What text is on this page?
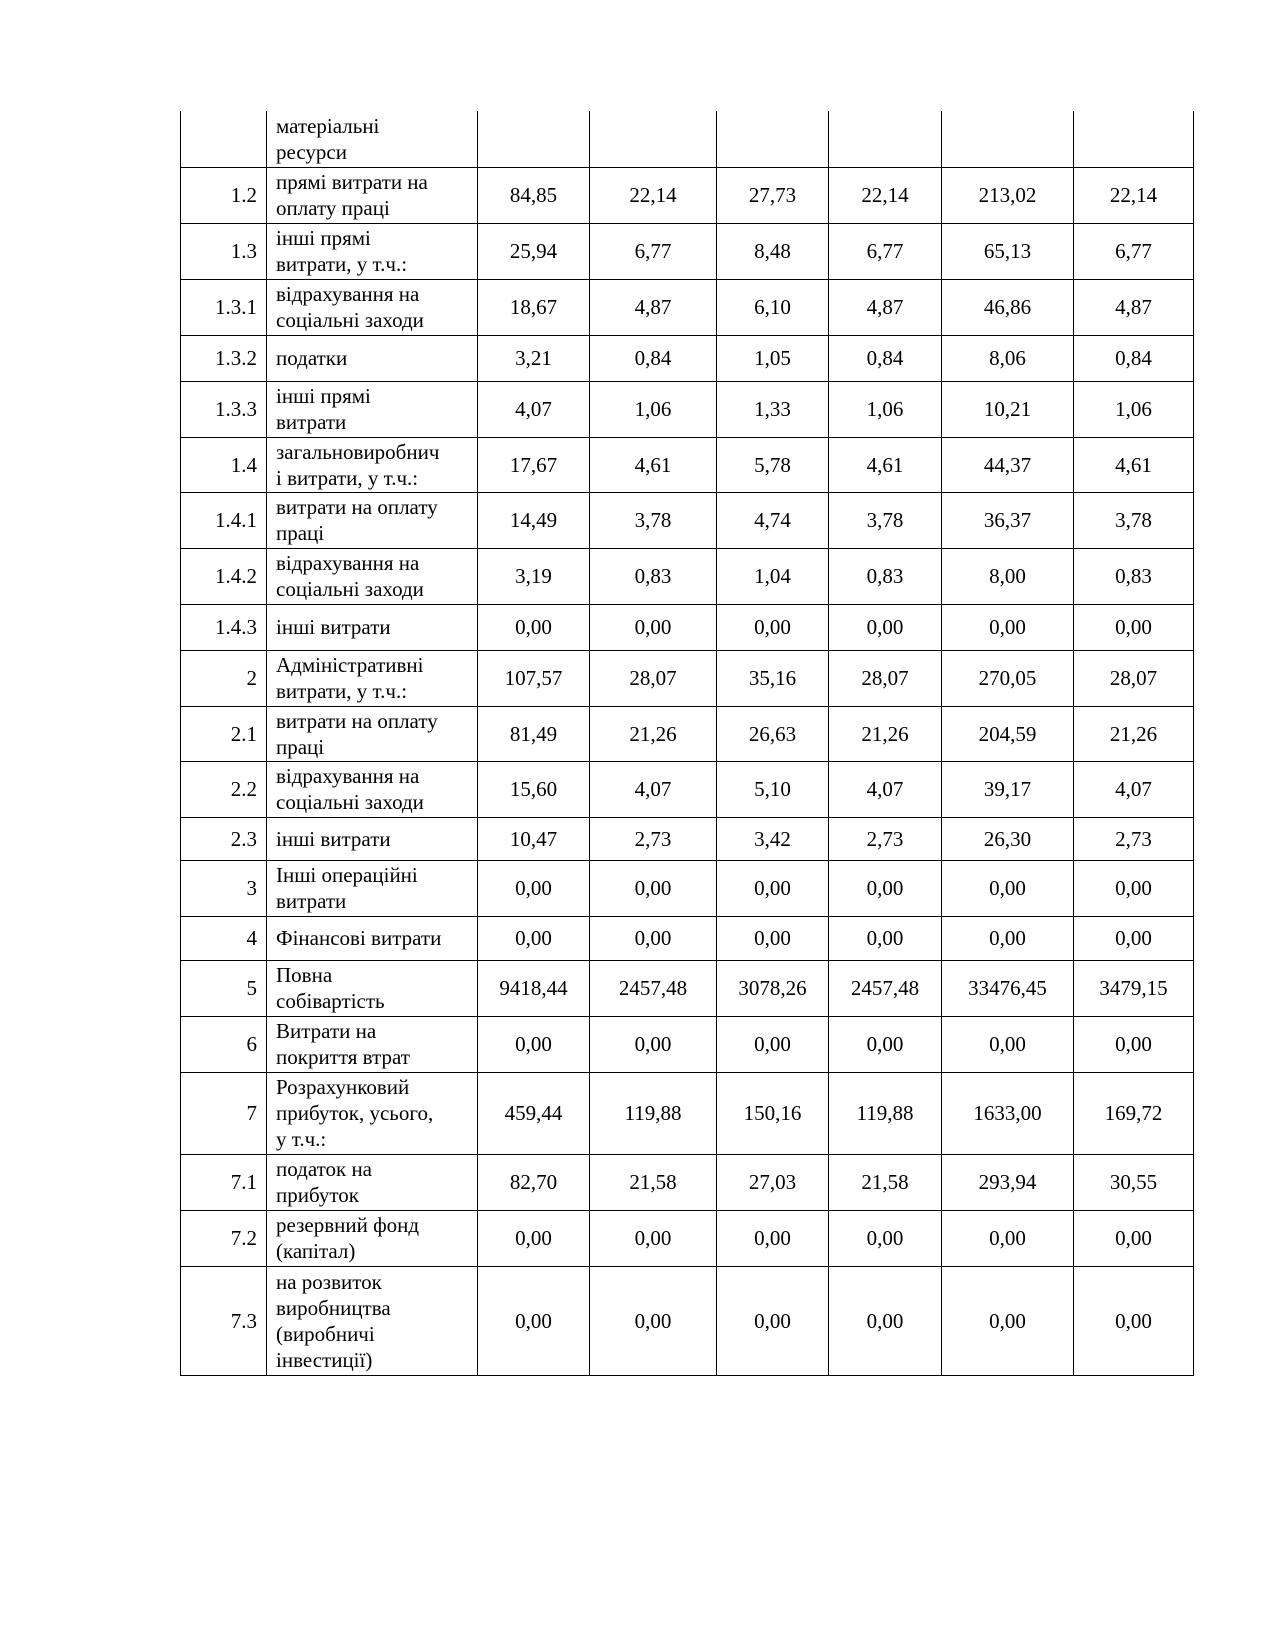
	матеріальні
ресурси						
1.2	прямі витрати на
оплату праці	84,85	22,14	27,73	22,14	213,02	22,14
1.3	інші прямі
витрати, у т.ч.:	25,94	6,77	8,48	6,77	65,13	6,77
1.3.1	відрахування на
соціальні заходи	18,67	4,87	6,10	4,87	46,86	4,87
1.3.2	податки	3,21	0,84	1,05	0,84	8,06	0,84
1.3.3	інші прямі
витрати	4,07	1,06	1,33	1,06	10,21	1,06
1.4	загальновиробнич
і витрати, у т.ч.:	17,67	4,61	5,78	4,61	44,37	4,61
1.4.1	витрати на оплату
праці	14,49	3,78	4,74	3,78	36,37	3,78
1.4.2	відрахування на
соціальні заходи	3,19	0,83	1,04	0,83	8,00	0,83
1.4.3	інші витрати	0,00	0,00	0,00	0,00	0,00	0,00
2	Адміністративні
витрати, у т.ч.:	107,57	28,07	35,16	28,07	270,05	28,07
2.1	витрати на оплату
праці	81,49	21,26	26,63	21,26	204,59	21,26
2.2	відрахування на
соціальні заходи	15,60	4,07	5,10	4,07	39,17	4,07
2.3	інші витрати	10,47	2,73	3,42	2,73	26,30	2,73
3	Інші операційні
витрати	0,00	0,00	0,00	0,00	0,00	0,00
4	Фінансові витрати	0,00	0,00	0,00	0,00	0,00	0,00
5	Повна
собівартість	9418,44	2457,48	3078,26	2457,48	33476,45	3479,15
6	Витрати на
покриття втрат	0,00	0,00	0,00	0,00	0,00	0,00
7	Розрахунковий
прибуток, усього,
у т.ч.:	459,44	119,88	150,16	119,88	1633,00	169,72
7.1	податок на
прибуток	82,70	21,58	27,03	21,58	293,94	30,55
7.2	резервний фонд
(капітал)	0,00	0,00	0,00	0,00	0,00	0,00
7.3	на розвиток
виробництва
(виробничі
інвестиції)	0,00	0,00	0,00	0,00	0,00	0,00
